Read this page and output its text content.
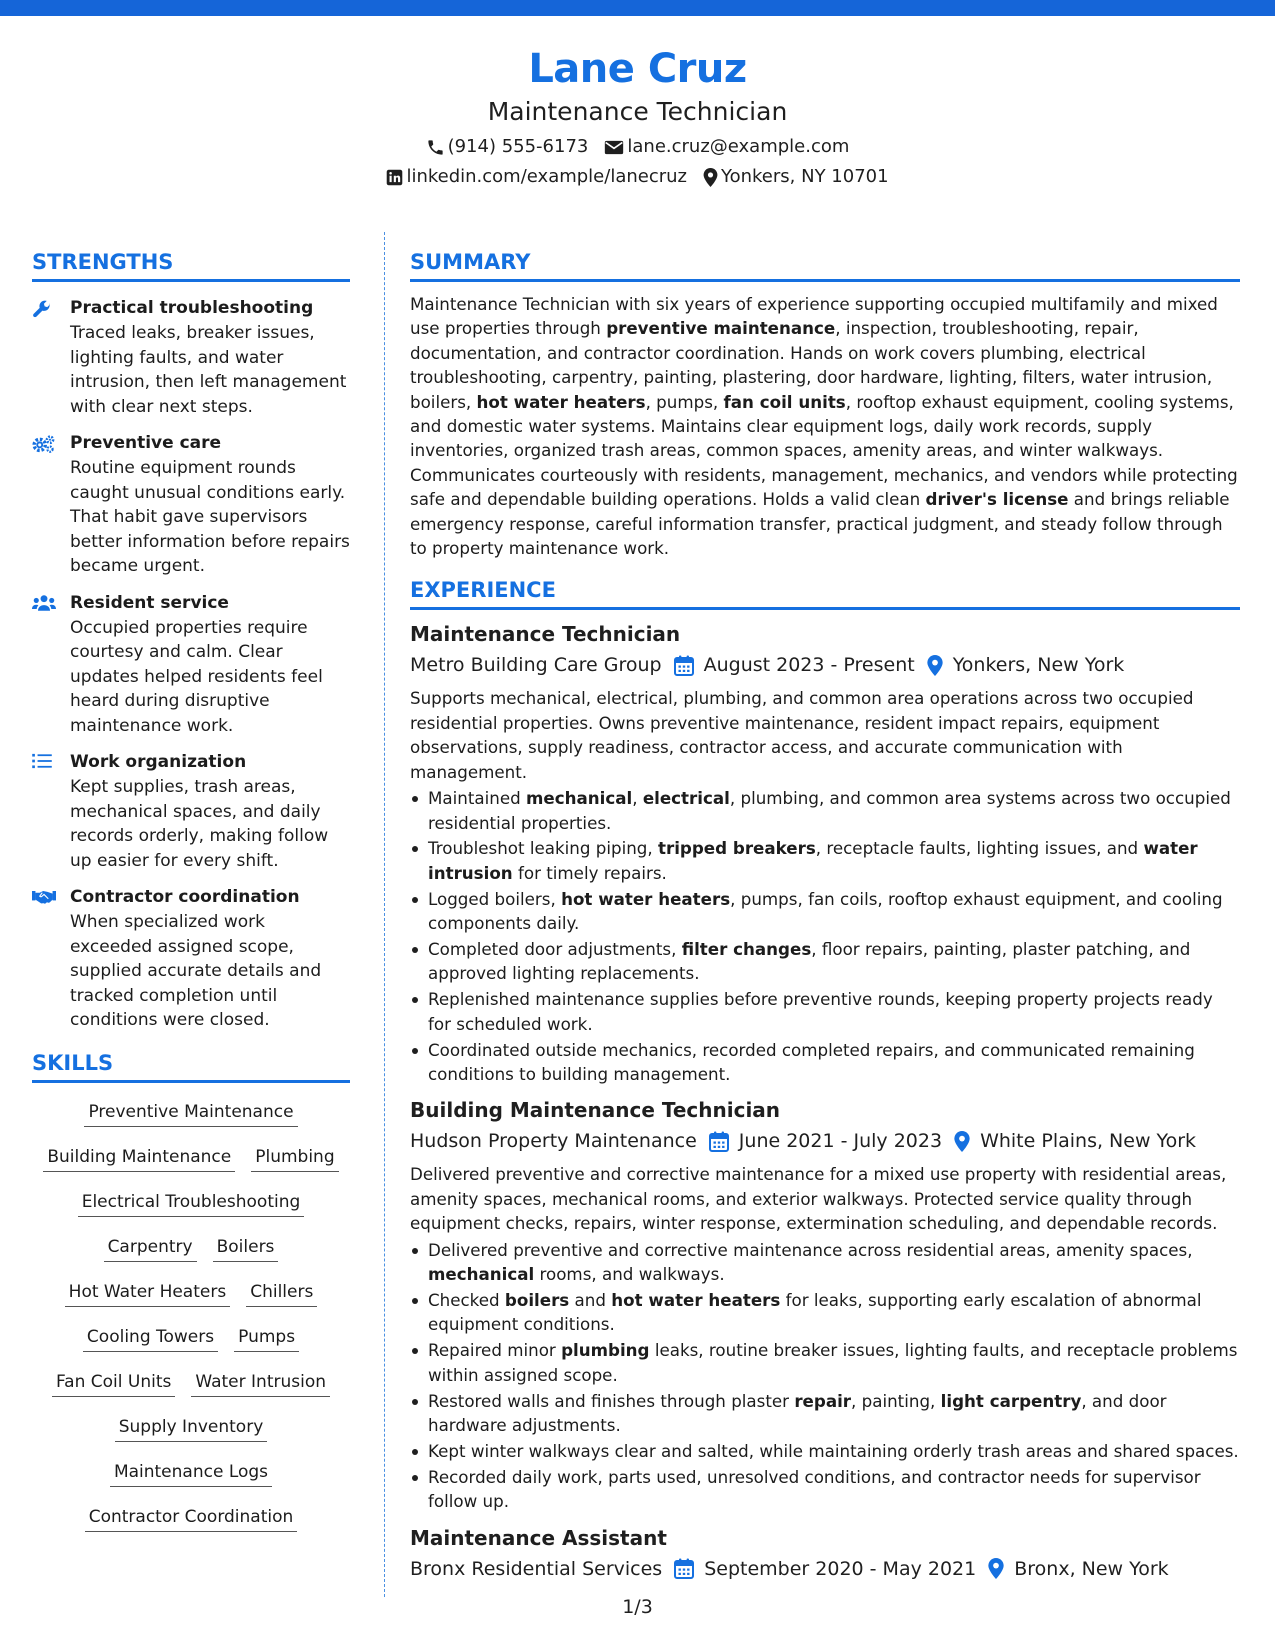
Lane Cruz
Maintenance Technician
(914) 555-6173 lane.cruz@example.com
linkedin.com/example/lanecruz Yonkers, NY 10701
STRENGTHS
Practical troubleshooting
Traced leaks, breaker issues, lighting faults, and water intrusion, then left management with clear next steps.
Preventive care
Routine equipment rounds caught unusual conditions early. That habit gave supervisors better information before repairs became urgent.
Resident service
Occupied properties require courtesy and calm. Clear updates helped residents feel heard during disruptive maintenance work.
Work organization
Kept supplies, trash areas, mechanical spaces, and daily records orderly, making follow up easier for every shift.
Contractor coordination
When specialized work exceeded assigned scope, supplied accurate details and tracked completion until conditions were closed.
SKILLS
Preventive Maintenance
Building Maintenance Plumbing
Electrical Troubleshooting
Carpentry Boilers
Hot Water Heaters Chillers
Cooling Towers Pumps
Fan Coil Units Water Intrusion
Supply Inventory
Maintenance Logs
Contractor Coordination
SUMMARY
Maintenance Technician with six years of experience supporting occupied multifamily and mixed use properties through preventive maintenance, inspection, troubleshooting, repair, documentation, and contractor coordination. Hands on work covers plumbing, electrical troubleshooting, carpentry, painting, plastering, door hardware, lighting, filters, water intrusion, boilers, hot water heaters, pumps, fan coil units, rooftop exhaust equipment, cooling systems, and domestic water systems. Maintains clear equipment logs, daily work records, supply inventories, organized trash areas, common spaces, amenity areas, and winter walkways. Communicates courteously with residents, management, mechanics, and vendors while protecting safe and dependable building operations. Holds a valid clean driver's license and brings reliable emergency response, careful information transfer, practical judgment, and steady follow through to property maintenance work.
EXPERIENCE
Maintenance Technician
Metro Building Care Group August 2023 - Present Yonkers, New York
Supports mechanical, electrical, plumbing, and common area operations across two occupied residential properties. Owns preventive maintenance, resident impact repairs, equipment observations, supply readiness, contractor access, and accurate communication with management.
Maintained mechanical, electrical, plumbing, and common area systems across two occupied residential properties.
Troubleshot leaking piping, tripped breakers, receptacle faults, lighting issues, and water intrusion for timely repairs.
Logged boilers, hot water heaters, pumps, fan coils, rooftop exhaust equipment, and cooling components daily.
Completed door adjustments, filter changes, floor repairs, painting, plaster patching, and approved lighting replacements.
Replenished maintenance supplies before preventive rounds, keeping property projects ready for scheduled work.
Coordinated outside mechanics, recorded completed repairs, and communicated remaining conditions to building management.
Building Maintenance Technician
Hudson Property Maintenance June 2021 - July 2023 White Plains, New York
Delivered preventive and corrective maintenance for a mixed use property with residential areas, amenity spaces, mechanical rooms, and exterior walkways. Protected service quality through equipment checks, repairs, winter response, extermination scheduling, and dependable records.
Delivered preventive and corrective maintenance across residential areas, amenity spaces, mechanical rooms, and walkways.
Checked boilers and hot water heaters for leaks, supporting early escalation of abnormal equipment conditions.
Repaired minor plumbing leaks, routine breaker issues, lighting faults, and receptacle problems within assigned scope.
Restored walls and finishes through plaster repair, painting, light carpentry, and door hardware adjustments.
Kept winter walkways clear and salted, while maintaining orderly trash areas and shared spaces.
Recorded daily work, parts used, unresolved conditions, and contractor needs for supervisor follow up.
Maintenance Assistant
Bronx Residential Services September 2020 - May 2021 Bronx, New York
1/3
